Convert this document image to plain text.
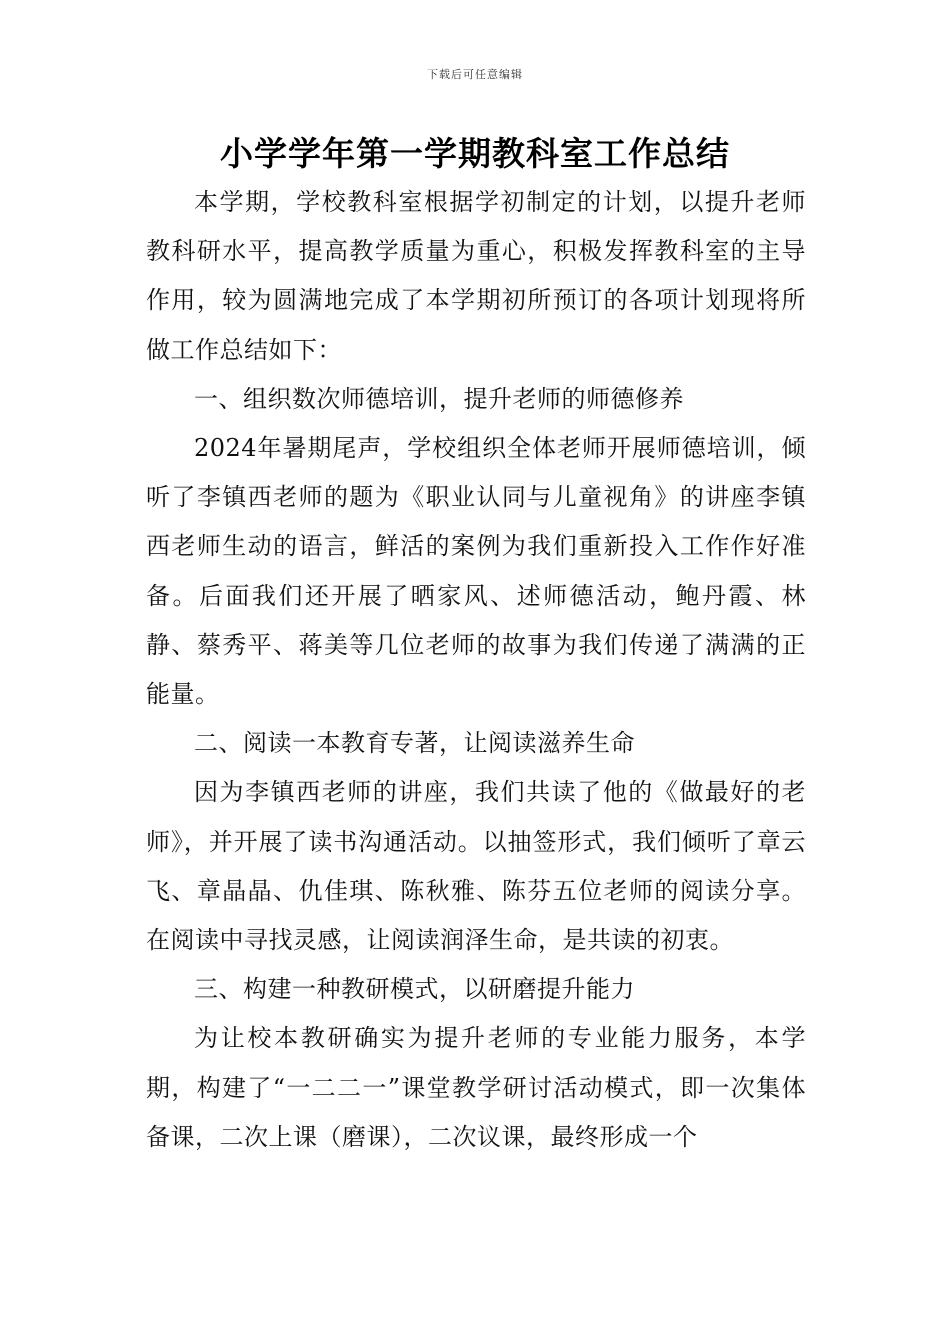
下载后可任意编辑
小学学年第一学期教科室工作总结

本学期，学校教科室根据学初制定的计划，以提升老师教科研水平，提高教学质量为重心，积极发挥教科室的主导作用，较为圆满地完成了本学期初所预订的各项计划现将所做工作总结如下：

一、组织数次师德培训，提升老师的师德修养

2024年暑期尾声，学校组织全体老师开展师德培训，倾听了李镇西老师的题为《职业认同与儿童视角》的讲座李镇西老师生动的语言，鲜活的案例为我们重新投入工作作好准备。后面我们还开展了晒家风、述师德活动，鲍丹霞、林静、蔡秀平、蒋美等几位老师的故事为我们传递了满满的正能量。

二、阅读一本教育专著，让阅读滋养生命

因为李镇西老师的讲座，我们共读了他的《做最好的老师》，并开展了读书沟通活动。以抽签形式，我们倾听了章云飞、章晶晶、仇佳琪、陈秋雅、陈芬五位老师的阅读分享。在阅读中寻找灵感，让阅读润泽生命，是共读的初衷。

三、构建一种教研模式，以研磨提升能力

为让校本教研确实为提升老师的专业能力服务，本学期，构建了“一二二一”课堂教学研讨活动模式，即一次集体备课，二次上课（磨课），二次议课，最终形成一个
